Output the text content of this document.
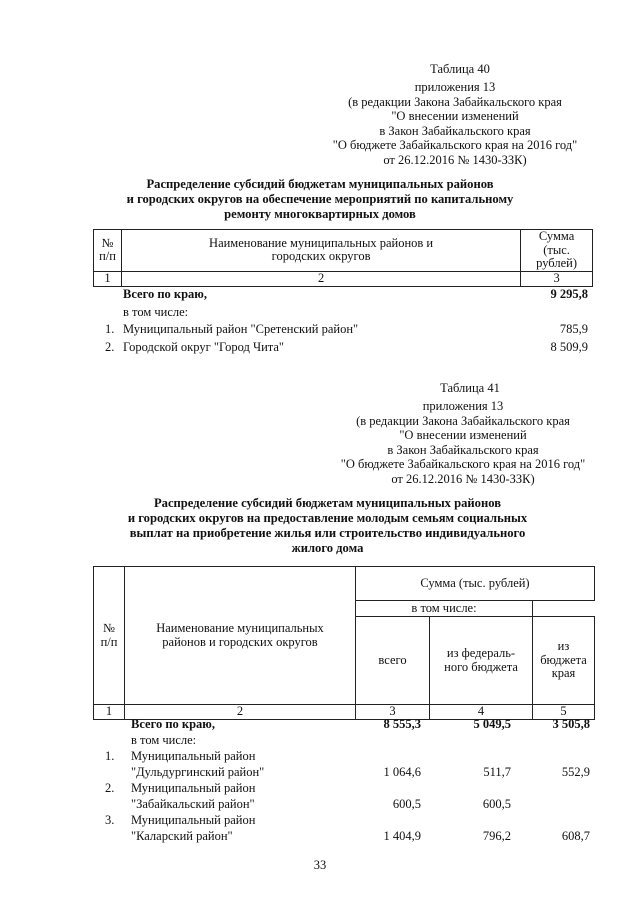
Таблица 40
приложения 13
(в редакции Закона Забайкальского края
"О внесении изменений
в Закон Забайкальского края
"О бюджете Забайкальского края на 2016 год"
от 26.12.2016 № 1430-ЗЗК)
Распределение субсидий бюджетам муниципальных районов
и городских округов на обеспечение мероприятий по капитальному
ремонту многоквартирных домов
№ п/п	Наименование муниципальных районов и городских округов	Сумма (тыс. рублей)
1	2	3
Всего по краю,	9 295,8
в том числе:
1. Муниципальный район "Сретенский район"	785,9
2. Городской округ "Город Чита"	8 509,9
Таблица 41
приложения 13
(в редакции Закона Забайкальского края
"О внесении изменений
в Закон Забайкальского края
"О бюджете Забайкальского края на 2016 год"
от 26.12.2016 № 1430-ЗЗК)
Распределение субсидий бюджетам муниципальных районов
и городских округов на предоставление молодым семьям социальных
выплат на приобретение жилья или строительство индивидуального
жилого дома
№ п/п	Наименование муниципальных районов и городских округов	Сумма (тыс. рублей)		
		в том числе:		
		всего	из федераль-ного бюджета	из бюджета края
1	2	3	4	5
Всего по краю,	8 555,3	5 049,5	3 505,8
в том числе:
1. Муниципальный район
"Дульдургинский район"	1 064,6	511,7	552,9
2. Муниципальный район
"Забайкальский район"	600,5	600,5
3. Муниципальный район
"Каларский район"	1 404,9	796,2	608,7
33
